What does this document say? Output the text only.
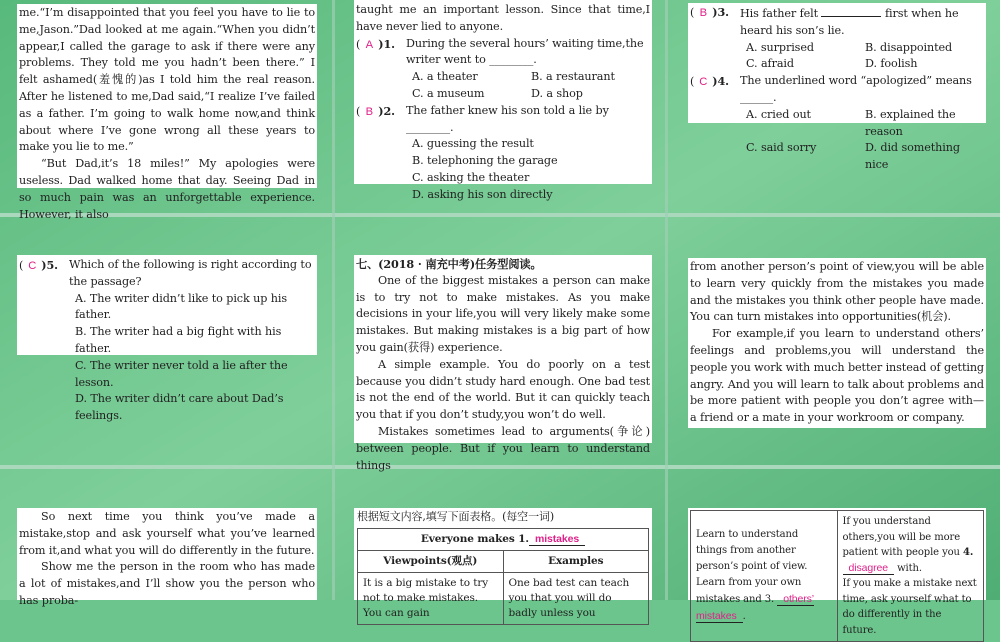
me.“I’m disappointed that you feel you have to lie to me,Jason.”Dad looked at me again.“When you didn’t appear,I called the garage to ask if there were any problems. They told me you hadn’t been there.” I felt ashamed(羞愧的)as I told him the real reason. After he listened to me,Dad said,“I realize I’ve failed as a father. I’m going to walk home now,and think about where I’ve gone wrong all these years to make you lie to me.”

“But Dad,it’s 18 miles!” My apologies were useless. Dad walked home that day. Seeing Dad in so much pain was an unforgettable experience. However, it also

taught me an important lesson. Since that time,I have never lied to anyone.

( A )1. During the several hours’ waiting time,the writer went to ________.
A. a theater	B. a restaurant
C. a museum	D. a shop
( B )2. The father knew his son told a lie by ________.
A. guessing the result
B. telephoning the garage
C. asking the theater
D. asking his son directly
( B )3. His father felt	first when he heard his son’s lie.
A. surprised	B. disappointed
C. afraid	D. foolish
( C )4. The underlined word “apologized” means ______.
A. cried out	B. explained the reason
C. said sorry	D. did something nice
( C )5. Which of the following is right according to the passage?
A. The writer didn’t like to pick up his father.
B. The writer had a big fight with his father.
C. The writer never told a lie after the lesson.
D. The writer didn’t care about Dad’s feelings.

七、(2018 · 南充中考)任务型阅读。

One of the biggest mistakes a person can make is to try not to make mistakes. As you make decisions in your life,you will very likely make some mistakes. But making mistakes is a big part of how you gain(获得) experience.

A simple example. You do poorly on a test because you didn’t study hard enough. One bad test is not the end of the world. But it can quickly teach you that if you don’t study,you won’t do well.

Mistakes sometimes lead to arguments(争论) between people. But if you learn to understand things

from another person’s point of view,you will be able to learn very quickly from the mistakes you made and the mistakes you think other people have made. You can turn mistakes into opportunities(机会).

For example,if you learn to understand others’ feelings and problems,you will understand the people you work with much better instead of getting angry. And you will learn to talk about problems and be more patient with people you don’t agree with—a friend or a mate in your workroom or company.

So next time you think you’ve made a mistake,stop and ask yourself what you’ve learned from it,and what you will do differently in the future.

Show me the person in the room who has made a lot of mistakes,and I’ll show you the person who has proba-

根据短文内容,填写下面表格。(每空一词)

Everyone makes 1. mistakes	
Viewpoints(观点)	Examples
It is a big mistake to try not to make mistakes. You can gain	One bad test can teach you that you will do badly unless you
Learn to understand things from another person’s point of view. Learn from your own mistakes and 3. others’ mistakes .	If you understand others,you will be more patient with people you 4. disagree with.
If you make a mistake next time, ask yourself what to do differently in the future.
